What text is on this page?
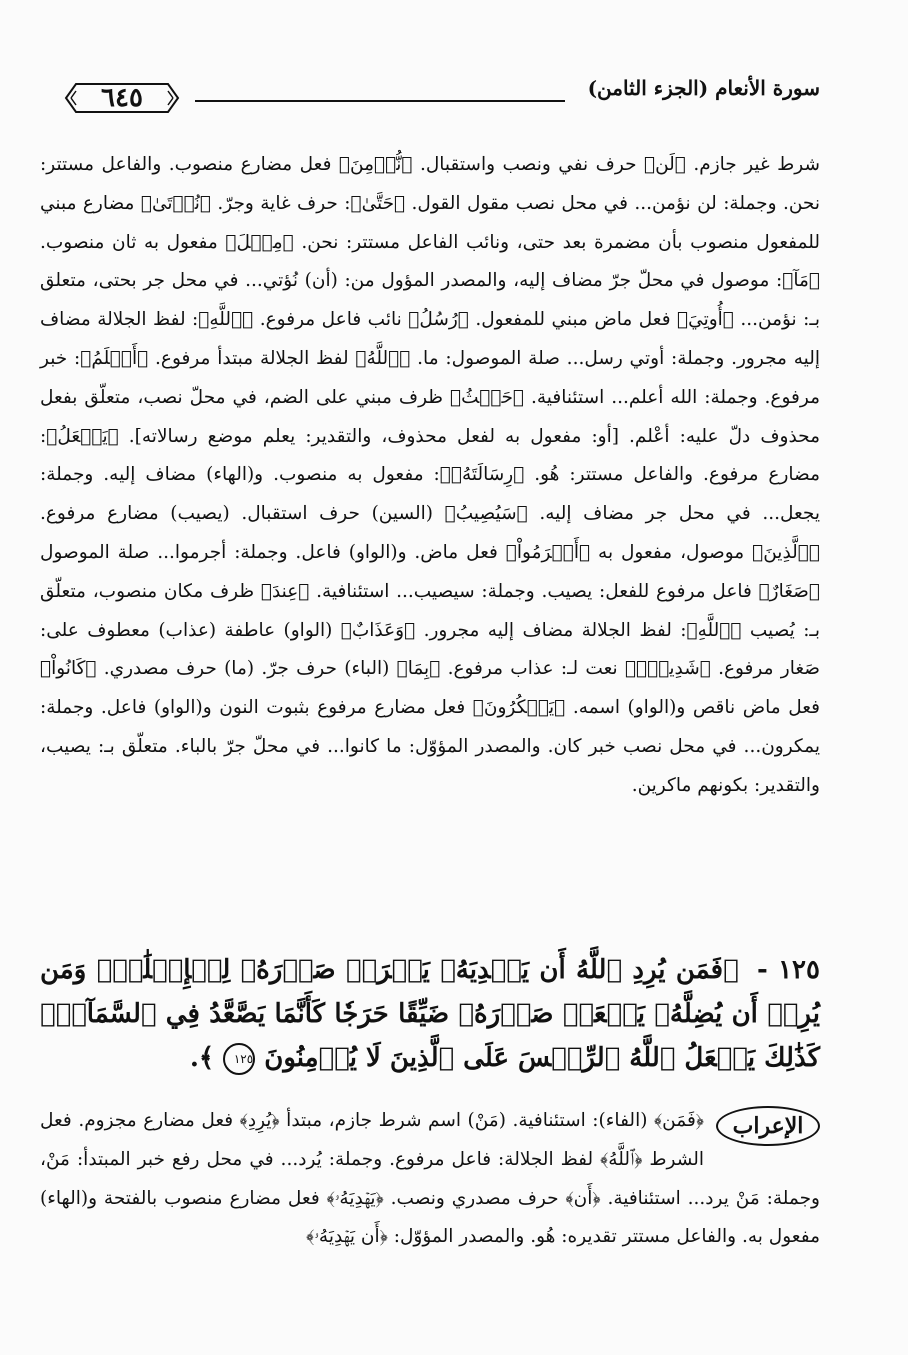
٦٤٥	سورة الأنعام (الجزء الثامن)
شرط غير جازم. ﴿لَن﴾ حرف نفي ونصب واستقبال. ﴿نُّؤۡمِنَ﴾ فعل مضارع منصوب. والفاعل مستتر: نحن. وجملة: لن نؤمن... في محل نصب مقول القول. ﴿حَتَّىٰ﴾: حرف غاية وجرّ. ﴿نُؤۡتَىٰ﴾ مضارع مبني للمفعول منصوب بأن مضمرة بعد حتى، ونائب الفاعل مستتر: نحن. ﴿مِثۡلَ﴾ مفعول به ثان منصوب. ﴿مَآ﴾: موصول في محلّ جرّ مضاف إليه، والمصدر المؤول من: (أن) نُؤتي... في محل جر بحتى، متعلق بـ: نؤمن... ﴿أُوتِيَ﴾ فعل ماض مبني للمفعول. ﴿رُسُلُ﴾ نائب فاعل مرفوع. ﴿ٱللَّهِ﴾: لفظ الجلالة مضاف إليه مجرور. وجملة: أوتي رسل... صلة الموصول: ما. ﴿ٱللَّهُ﴾ لفظ الجلالة مبتدأ مرفوع. ﴿أَعۡلَمُ﴾: خبر مرفوع. وجملة: الله أعلم... استئنافية. ﴿حَيۡثُ﴾ ظرف مبني على الضم، في محلّ نصب، متعلّق بفعل محذوف دلّ عليه: أعْلم. [أو: مفعول به لفعل محذوف، والتقدير: يعلم موضع رسالاته]. ﴿يَجۡعَلُ﴾: مضارع مرفوع. والفاعل مستتر: هُو. ﴿رِسَالَتَهُۥ﴾: مفعول به منصوب. و(الهاء) مضاف إليه. وجملة: يجعل... في محل جر مضاف إليه. ﴿سَيُصِيبُ﴾ (السين) حرف استقبال. (يصيب) مضارع مرفوع. ﴿ٱلَّذِينَ﴾ موصول، مفعول به ﴿أَجۡرَمُواْ﴾ فعل ماض. و(الواو) فاعل. وجملة: أجرموا... صلة الموصول ﴿صَغَارٌ﴾ فاعل مرفوع للفعل: يصيب. وجملة: سيصيب... استئنافية. ﴿عِندَ﴾ ظرف مكان منصوب، متعلّق بـ: يُصيب ﴿ٱللَّهِ﴾: لفظ الجلالة مضاف إليه مجرور. ﴿وَعَذَابٌ﴾ (الواو) عاطفة (عذاب) معطوف على: صَغار مرفوع. ﴿شَدِيدُۢ﴾ نعت لـ: عذاب مرفوع. ﴿بِمَا﴾ (الباء) حرف جرّ. (ما) حرف مصدري. ﴿كَانُواْ﴾ فعل ماض ناقص و(الواو) اسمه. ﴿يَمۡكُرُونَ﴾ فعل مضارع مرفوع بثبوت النون و(الواو) فاعل. وجملة: يمكرون... في محل نصب خبر كان. والمصدر المؤوّل: ما كانوا... في محلّ جرّ بالباء. متعلّق بـ: يصيب، والتقدير: بكونهم ماكرين.
١٢٥ - ﴿فَمَن يُرِدِ ٱللَّهُ أَن يَهۡدِيَهُۥ يَشۡرَحۡ صَدۡرَهُۥ لِلۡإِسۡلَٰمِۖ وَمَن يُرِدۡ أَن يُضِلَّهُۥ يَجۡعَلۡ صَدۡرَهُۥ ضَيِّقًا حَرَجٗا كَأَنَّمَا يَصَّعَّدُ فِي ٱلسَّمَآءِۚ كَذَٰلِكَ يَجۡعَلُ ٱللَّهُ ٱلرِّجۡسَ عَلَى ٱلَّذِينَ لَا يُؤۡمِنُونَ ١٢٥ ﴾.
الإعراب
﴿فَمَن﴾ (الفاء): استئنافية. (مَنْ) اسم شرط جازم، مبتدأ ﴿يُرِدِ﴾ فعل مضارع مجزوم. فعل الشرط ﴿ٱللَّهُ﴾ لفظ الجلالة: فاعل مرفوع. وجملة: يُرد... في محل رفع خبر المبتدأ: مَنْ، وجملة: مَنْ يرد... استئنافية. ﴿أَن﴾ حرف مصدري ونصب. ﴿يَهۡدِيَهُۥ﴾ فعل مضارع منصوب بالفتحة و(الهاء) مفعول به. والفاعل مستتر تقديره: هُو. والمصدر المؤوّل: ﴿أَن يَهۡدِيَهُۥ﴾
